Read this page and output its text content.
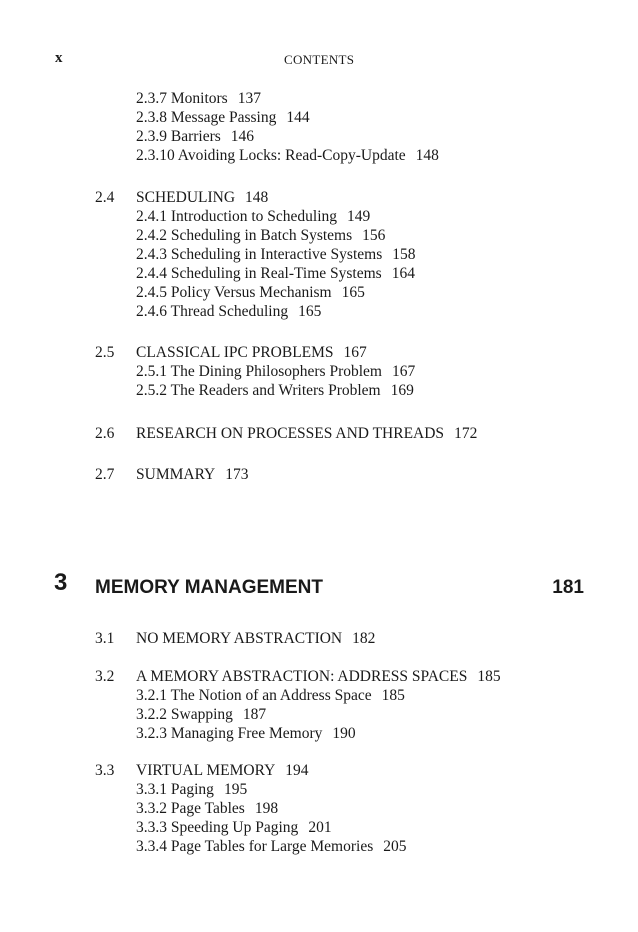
x	CONTENTS
2.3.7 Monitors 137
2.3.8 Message Passing 144
2.3.9 Barriers 146
2.3.10 Avoiding Locks: Read-Copy-Update 148
2.4 SCHEDULING 148
2.4.1 Introduction to Scheduling 149
2.4.2 Scheduling in Batch Systems 156
2.4.3 Scheduling in Interactive Systems 158
2.4.4 Scheduling in Real-Time Systems 164
2.4.5 Policy Versus Mechanism 165
2.4.6 Thread Scheduling 165
2.5 CLASSICAL IPC PROBLEMS 167
2.5.1 The Dining Philosophers Problem 167
2.5.2 The Readers and Writers Problem 169
2.6 RESEARCH ON PROCESSES AND THREADS 172
2.7 SUMMARY 173
3 MEMORY MANAGEMENT	181
3.1 NO MEMORY ABSTRACTION 182
3.2 A MEMORY ABSTRACTION: ADDRESS SPACES 185
3.2.1 The Notion of an Address Space 185
3.2.2 Swapping 187
3.2.3 Managing Free Memory 190
3.3 VIRTUAL MEMORY 194
3.3.1 Paging 195
3.3.2 Page Tables 198
3.3.3 Speeding Up Paging 201
3.3.4 Page Tables for Large Memories 205
